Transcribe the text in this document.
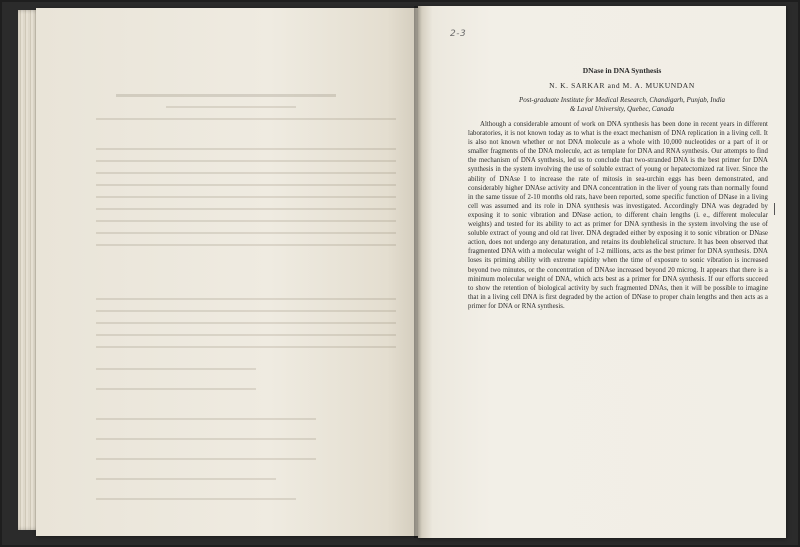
2-3
DNase in DNA Synthesis
N. K. SARKAR and M. A. MUKUNDAN
Post-graduate Institute for Medical Research, Chandigarh, Punjab, India
& Laval University, Quebec, Canada
Although a considerable amount of work on DNA synthesis has been done in recent years in different laboratories, it is not known today as to what is the exact mechanism of DNA replication in a living cell. It is also not known whether or not DNA molecule as a whole with 10,000 nucleotides or a part of it or smaller fragments of the DNA molecule, act as template for DNA and RNA synthesis. Our attempts to find the mechanism of DNA synthesis, led us to conclude that two-stranded DNA is the best primer for DNA synthesis in the system involving the use of soluble extract of young or hepatectomized rat liver. Since the ability of DNAse I to increase the rate of mitosis in sea-urchin eggs has been demonstrated, and considerably higher DNAse activity and DNA concentration in the liver of young rats than normally found in the same tissue of 2-10 months old rats, have been reported, some specific function of DNase in a living cell was assumed and its role in DNA synthesis was investigated. Accordingly DNA was degraded by exposing it to sonic vibration and DNase action, to different chain lengths (i. e., different molecular weights) and tested for its ability to act as primer for DNA synthesis in the system involving the use of soluble extract of young and old rat liver. DNA degraded either by exposing it to sonic vibration or DNase action, does not undergo any denaturation, and retains its doublehelical structure. It has been observed that fragmented DNA with a molecular weight of 1-2 millions, acts as the best primer for DNA synthesis. DNA loses its priming ability with extreme rapidity when the time of exposure to sonic vibration is increased beyond two minutes, or the concentration of DNAse increased beyond 20 microg. It appears that there is a minimum molecular weight of DNA, which acts best as a primer for DNA synthesis. If our efforts succeed to show the retention of biological activity by such fragmented DNAs, then it will be possible to imagine that in a living cell DNA is first degraded by the action of DNase to proper chain lengths and then acts as a primer for DNA or RNA synthesis.
